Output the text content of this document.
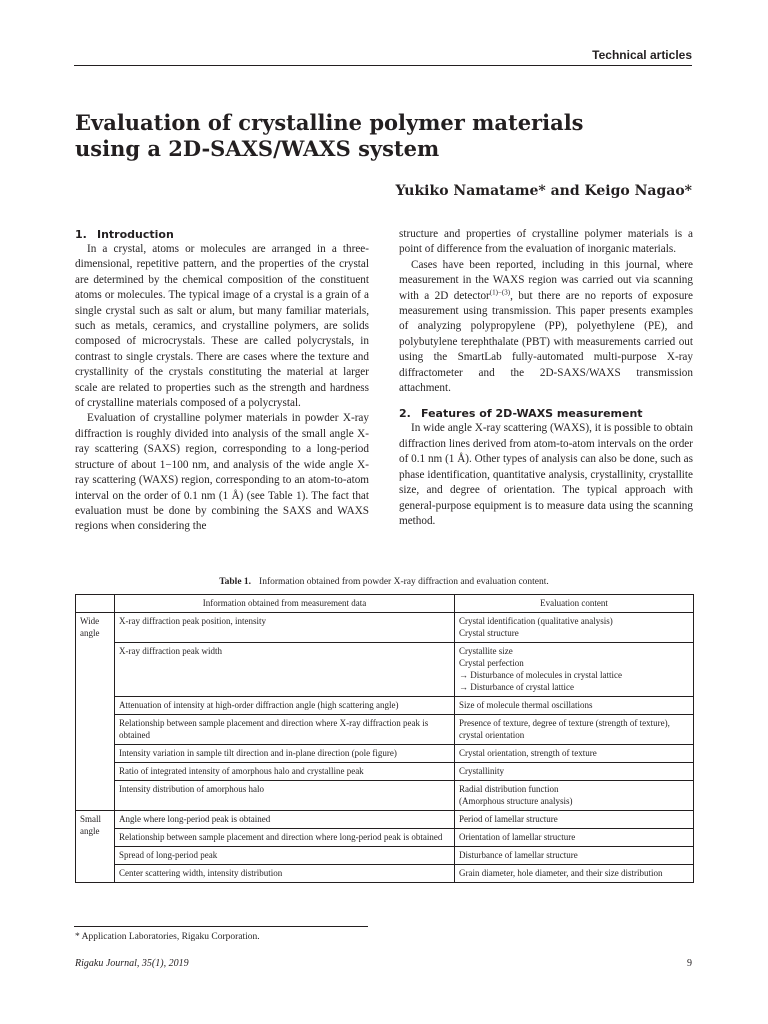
Technical articles
Evaluation of crystalline polymer materials
using a 2D-SAXS/WAXS system
Yukiko Namatame* and Keigo Nagao*
1. Introduction

In a crystal, atoms or molecules are arranged in a three-dimensional, repetitive pattern, and the properties of the crystal are determined by the chemical composition of the constituent atoms or molecules. The typical image of a crystal is a grain of a single crystal such as salt or alum, but many familiar materials, such as metals, ceramics, and crystalline polymers, are solids composed of microcrystals. These are called polycrystals, in contrast to single crystals. There are cases where the texture and crystallinity of the crystals constituting the material at larger scale are related to properties such as the strength and hardness of crystalline materials composed of a polycrystal.

Evaluation of crystalline polymer materials in powder X-ray diffraction is roughly divided into analysis of the small angle X-ray scattering (SAXS) region, corresponding to a long-period structure of about 1−100 nm, and analysis of the wide angle X-ray scattering (WAXS) region, corresponding to an atom-to-atom interval on the order of 0.1 nm (1 Å) (see Table 1). The fact that evaluation must be done by combining the SAXS and WAXS regions when considering the

structure and properties of crystalline polymer materials is a point of difference from the evaluation of inorganic materials.

Cases have been reported, including in this journal, where measurement in the WAXS region was carried out via scanning with a 2D detector$^{(1)-(3)}$, but there are no reports of exposure measurement using transmission. This paper presents examples of analyzing polypropylene (PP), polyethylene (PE), and polybutylene terephthalate (PBT) with measurements carried out using the SmartLab fully-automated multi-purpose X-ray diffractometer and the 2D-SAXS/WAXS transmission attachment.

2. Features of 2D-WAXS measurement

In wide angle X-ray scattering (WAXS), it is possible to obtain diffraction lines derived from atom-to-atom intervals on the order of 0.1 nm (1 Å). Other types of analysis can also be done, such as phase identification, quantitative analysis, crystallinity, crystallite size, and degree of orientation. The typical approach with general-purpose equipment is to measure data using the scanning method.

Table 1. Information obtained from powder X-ray diffraction and evaluation content.
	Information obtained from measurement data	Evaluation content
Wide angle	X-ray diffraction peak position, intensity	Crystal identification (qualitative analysis)
Crystal structure

	X-ray diffraction peak width	Crystallite size
Crystal perfection
→ Disturbance of molecules in crystal lattice
→ Disturbance of crystal lattice

	Attenuation of intensity at high-order diffraction angle (high scattering angle)	Size of molecule thermal oscillations

	Relationship between sample placement and direction where X-ray diffraction peak is obtained	Presence of texture, degree of texture (strength of texture), crystal orientation

	Intensity variation in sample tilt direction and in-plane direction (pole figure)	Crystal orientation, strength of texture

	Ratio of integrated intensity of amorphous halo and crystalline peak	Crystallinity

	Intensity distribution of amorphous halo	Radial distribution function
(Amorphous structure analysis)

Small angle	Angle where long-period peak is obtained	Period of lamellar structure

	Relationship between sample placement and direction where long-period peak is obtained	Orientation of lamellar structure

	Spread of long-period peak	Disturbance of lamellar structure

	Center scattering width, intensity distribution	Grain diameter, hole diameter, and their size distribution
* Application Laboratories, Rigaku Corporation.
Rigaku Journal, 35(1), 2019	9
